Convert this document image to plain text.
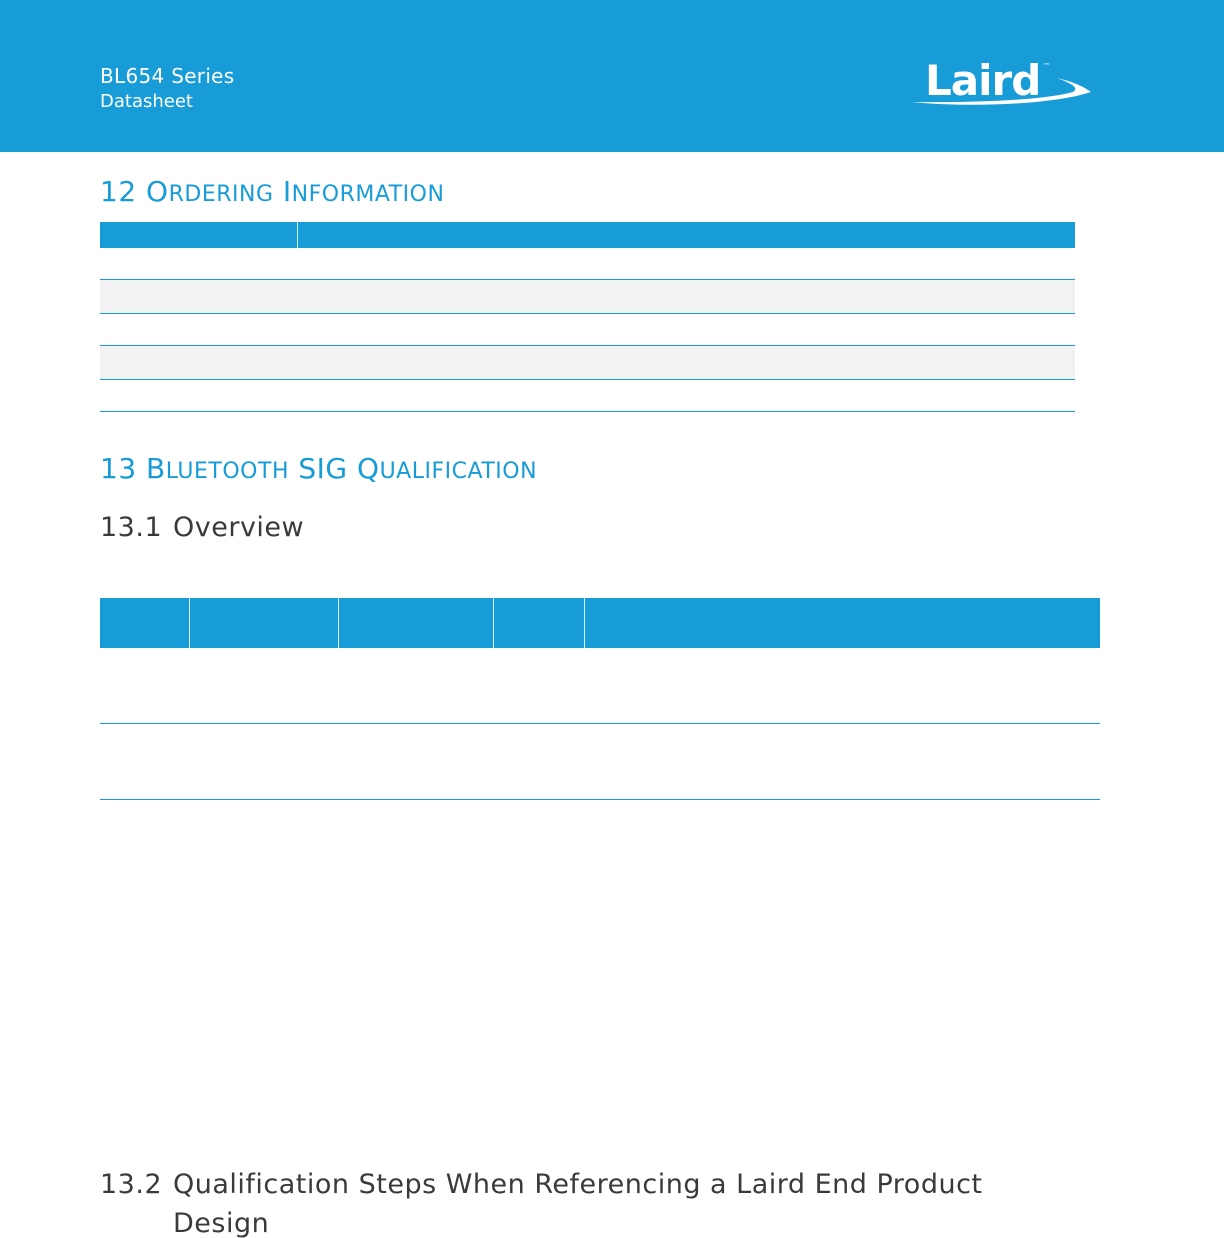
BL654 Series
Datasheet	Laird ™
12 ORDERING INFORMATION
13 BLUETOOTH SIG QUALIFICATION
13.1 Overview
13.2 Qualification Steps When Referencing a Laird End Product
Design
